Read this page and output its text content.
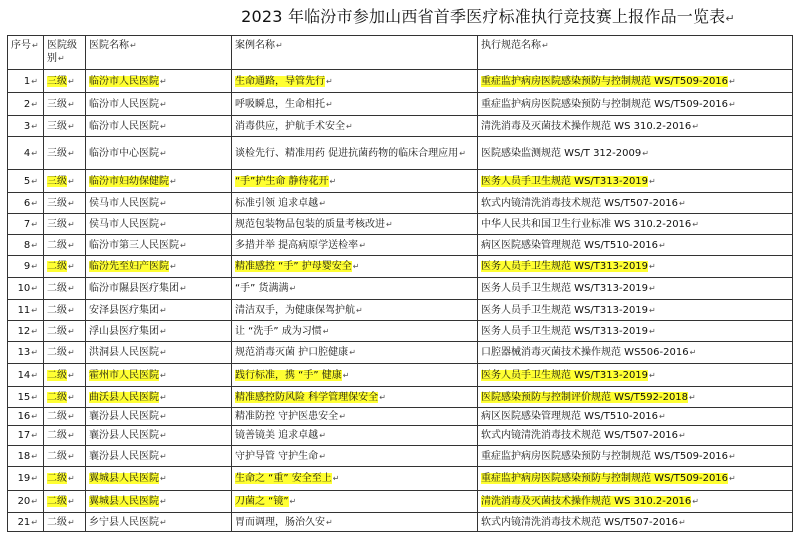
2023 年临汾市参加山西省首季医疗标准执行竞技赛上报作品一览表↵
序号 ↵	医院级别 ↵	医院名称 ↵	案例名称 ↵	执行规范名称 ↵
1 ↵	三级 ↵	临汾市人民医院 ↵	生命通路，导管先行 ↵	重症监护病房医院感染预防与控制规范 WS/T509-2016 ↵
2 ↵	三级 ↵	临汾市人民医院 ↵	呼吸瞬息，生命相托 ↵	重症监护病房医院感染预防与控制规范 WS/T509-2016 ↵
3 ↵	三级 ↵	临汾市人民医院 ↵	消毒供应，护航手术安全 ↵	清洗消毒及灭菌技术操作规范 WS 310.2-2016 ↵
4 ↵	三级 ↵	临汾市中心医院 ↵	谈检先行、精准用药 促进抗菌药物的临床合理应用 ↵	医院感染监测规范 WS/T 312-2009 ↵
5 ↵	三级 ↵	临汾市妇幼保健院 ↵	“手”护生命 静待花开 ↵	医务人员手卫生规范 WS/T313-2019 ↵
6 ↵	三级 ↵	侯马市人民医院 ↵	标准引领 追求卓越 ↵	软式内镜清洗消毒技术规范 WS/T507-2016 ↵
7 ↵	三级 ↵	侯马市人民医院 ↵	规范包装物品包装的质量考核改进 ↵	中华人民共和国卫生行业标准 WS 310.2-2016 ↵
8 ↵	二级 ↵	临汾市第三人民医院 ↵	多措并举 提高病原学送检率 ↵	病区医院感染管理规范 WS/T510-2016 ↵
9 ↵	二级 ↵	临汾先至妇产医院 ↵	精准感控 “手” 护母婴安全 ↵	医务人员手卫生规范 WS/T313-2019 ↵
10 ↵	二级 ↵	临汾市隰县医疗集团 ↵	“手” 货满满 ↵	医务人员手卫生规范 WS/T313-2019 ↵
11 ↵	二级 ↵	安泽县医疗集团 ↵	清洁双手，为健康保驾护航 ↵	医务人员手卫生规范 WS/T313-2019 ↵
12 ↵	二级 ↵	浮山县医疗集团 ↵	让 “洗手” 成为习惯 ↵	医务人员手卫生规范 WS/T313-2019 ↵
13 ↵	二级 ↵	洪洞县人民医院 ↵	规范消毒灭菌 护口腔健康 ↵	口腔器械消毒灭菌技术操作规范 WS506-2016 ↵
14 ↵	二级 ↵	霍州市人民医院 ↵	践行标准，携 “手” 健康 ↵	医务人员手卫生规范 WS/T313-2019 ↵
15 ↵	二级 ↵	曲沃县人民医院 ↵	精准感控防风险 科学管理保安全 ↵	医院感染预防与控制评价规范 WS/T592-2018 ↵
16 ↵	二级 ↵	襄汾县人民医院 ↵	精准防控 守护医患安全 ↵	病区医院感染管理规范 WS/T510-2016 ↵
17 ↵	二级 ↵	襄汾县人民医院 ↵	镜善镜美 追求卓越 ↵	软式内镜清洗消毒技术规范 WS/T507-2016 ↵
18 ↵	二级 ↵	襄汾县人民医院 ↵	守护导管 守护生命 ↵	重症监护病房医院感染预防与控制规范 WS/T509-2016 ↵
19 ↵	二级 ↵	翼城县人民医院 ↵	生命之 “重” 安全至上 ↵	重症监护病房医院感染预防与控制规范 WS/T509-2016 ↵
20 ↵	二级 ↵	翼城县人民医院 ↵	刀菌之 “镜” ↵	清洗消毒及灭菌技术操作规范 WS 310.2-2016 ↵
21 ↵	二级 ↵	乡宁县人民医院 ↵	胃而调理，肠治久安 ↵	软式内镜清洗消毒技术规范 WS/T507-2016 ↵
